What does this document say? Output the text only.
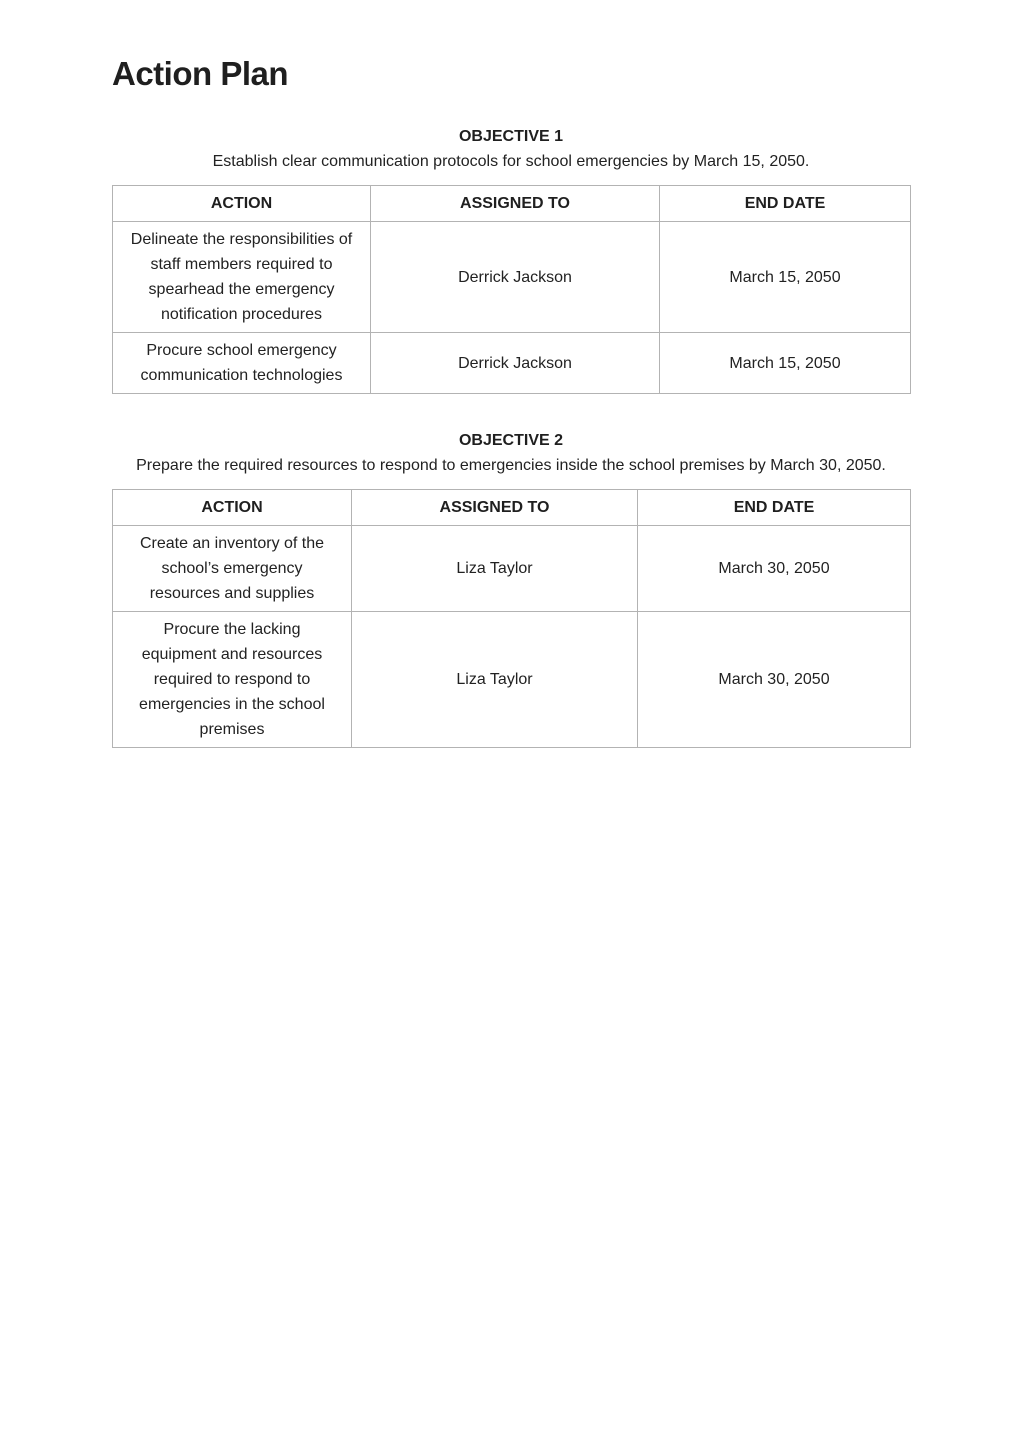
Action Plan

OBJECTIVE 1

Establish clear communication protocols for school emergencies by March 15, 2050.

ACTION	ASSIGNED TO	END DATE
Delineate the responsibilities of staff members required to spearhead the emergency notification procedures	Derrick Jackson	March 15, 2050
Procure school emergency communication technologies	Derrick Jackson	March 15, 2050

OBJECTIVE 2

Prepare the required resources to respond to emergencies inside the school premises by March 30, 2050.

ACTION	ASSIGNED TO	END DATE
Create an inventory of the school’s emergency resources and supplies	Liza Taylor	March 30, 2050
Procure the lacking equipment and resources required to respond to emergencies in the school premises	Liza Taylor	March 30, 2050
